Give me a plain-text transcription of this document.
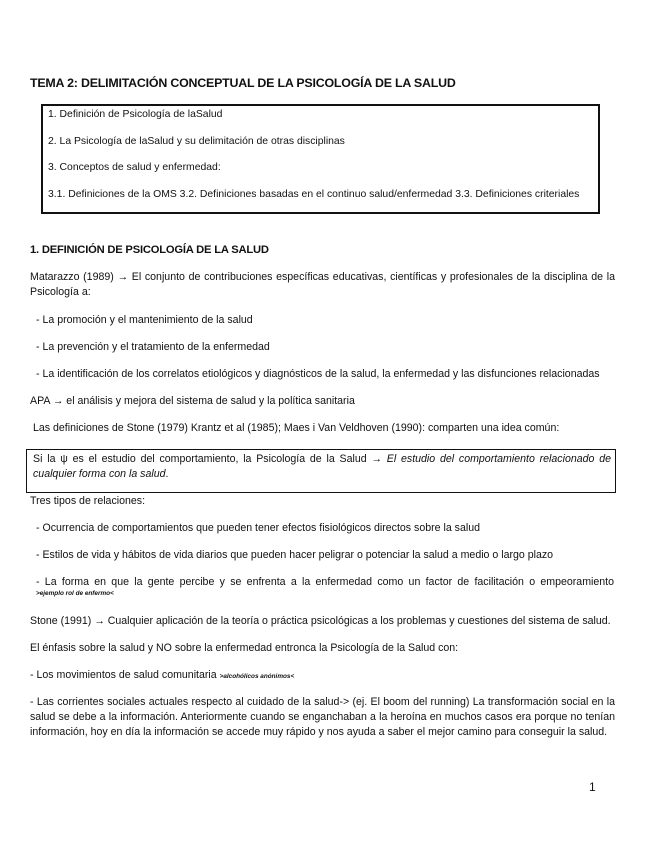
TEMA 2: DELIMITACIÓN CONCEPTUAL DE LA PSICOLOGÍA DE LA SALUD
1. Definición de Psicología de laSalud
2. La Psicología de laSalud y su delimitación de otras disciplinas
3. Conceptos de salud y enfermedad:
3.1. Definiciones de la OMS 3.2. Definiciones basadas en el continuo salud/enfermedad 3.3. Definiciones criteriales
1. DEFINICIÓN DE PSICOLOGÍA DE LA SALUD
Matarazzo (1989) → El conjunto de contribuciones específicas educativas, científicas y profesionales de la disciplina de la Psicología a:
- La promoción y el mantenimiento de la salud
- La prevención y el tratamiento de la enfermedad
- La identificación de los correlatos etiológicos y diagnósticos de la salud, la enfermedad y las disfunciones relacionadas
APA → el análisis y mejora del sistema de salud y la política sanitaria
Las definiciones de Stone (1979) Krantz et al (1985); Maes i Van Veldhoven (1990): comparten una idea común:
Si la ψ es el estudio del comportamiento, la Psicología de la Salud → El estudio del comportamiento relacionado de cualquier forma con la salud.
Tres tipos de relaciones:
- Ocurrencia de comportamientos que pueden tener efectos fisiológicos directos sobre la salud
- Estilos de vida y hábitos de vida diarios que pueden hacer peligrar o potenciar la salud a medio o largo plazo
- La forma en que la gente percibe y se enfrenta a la enfermedad como un factor de facilitación o empeoramiento
>ejemplo rol de enfermo<
Stone (1991) → Cualquier aplicación de la teoría o práctica psicológicas a los problemas y cuestiones del sistema de salud.
El énfasis sobre la salud y NO sobre la enfermedad entronca la Psicología de la Salud con:
- Los movimientos de salud comunitaria >alcohólicos anónimos<
- Las corrientes sociales actuales respecto al cuidado de la salud-> (ej. El boom del running) La transformación social en la salud se debe a la información. Anteriormente cuando se enganchaban a la heroína en muchos casos era porque no tenían información, hoy en día la información se accede muy rápido y nos ayuda a saber el mejor camino para conseguir la salud.
1
